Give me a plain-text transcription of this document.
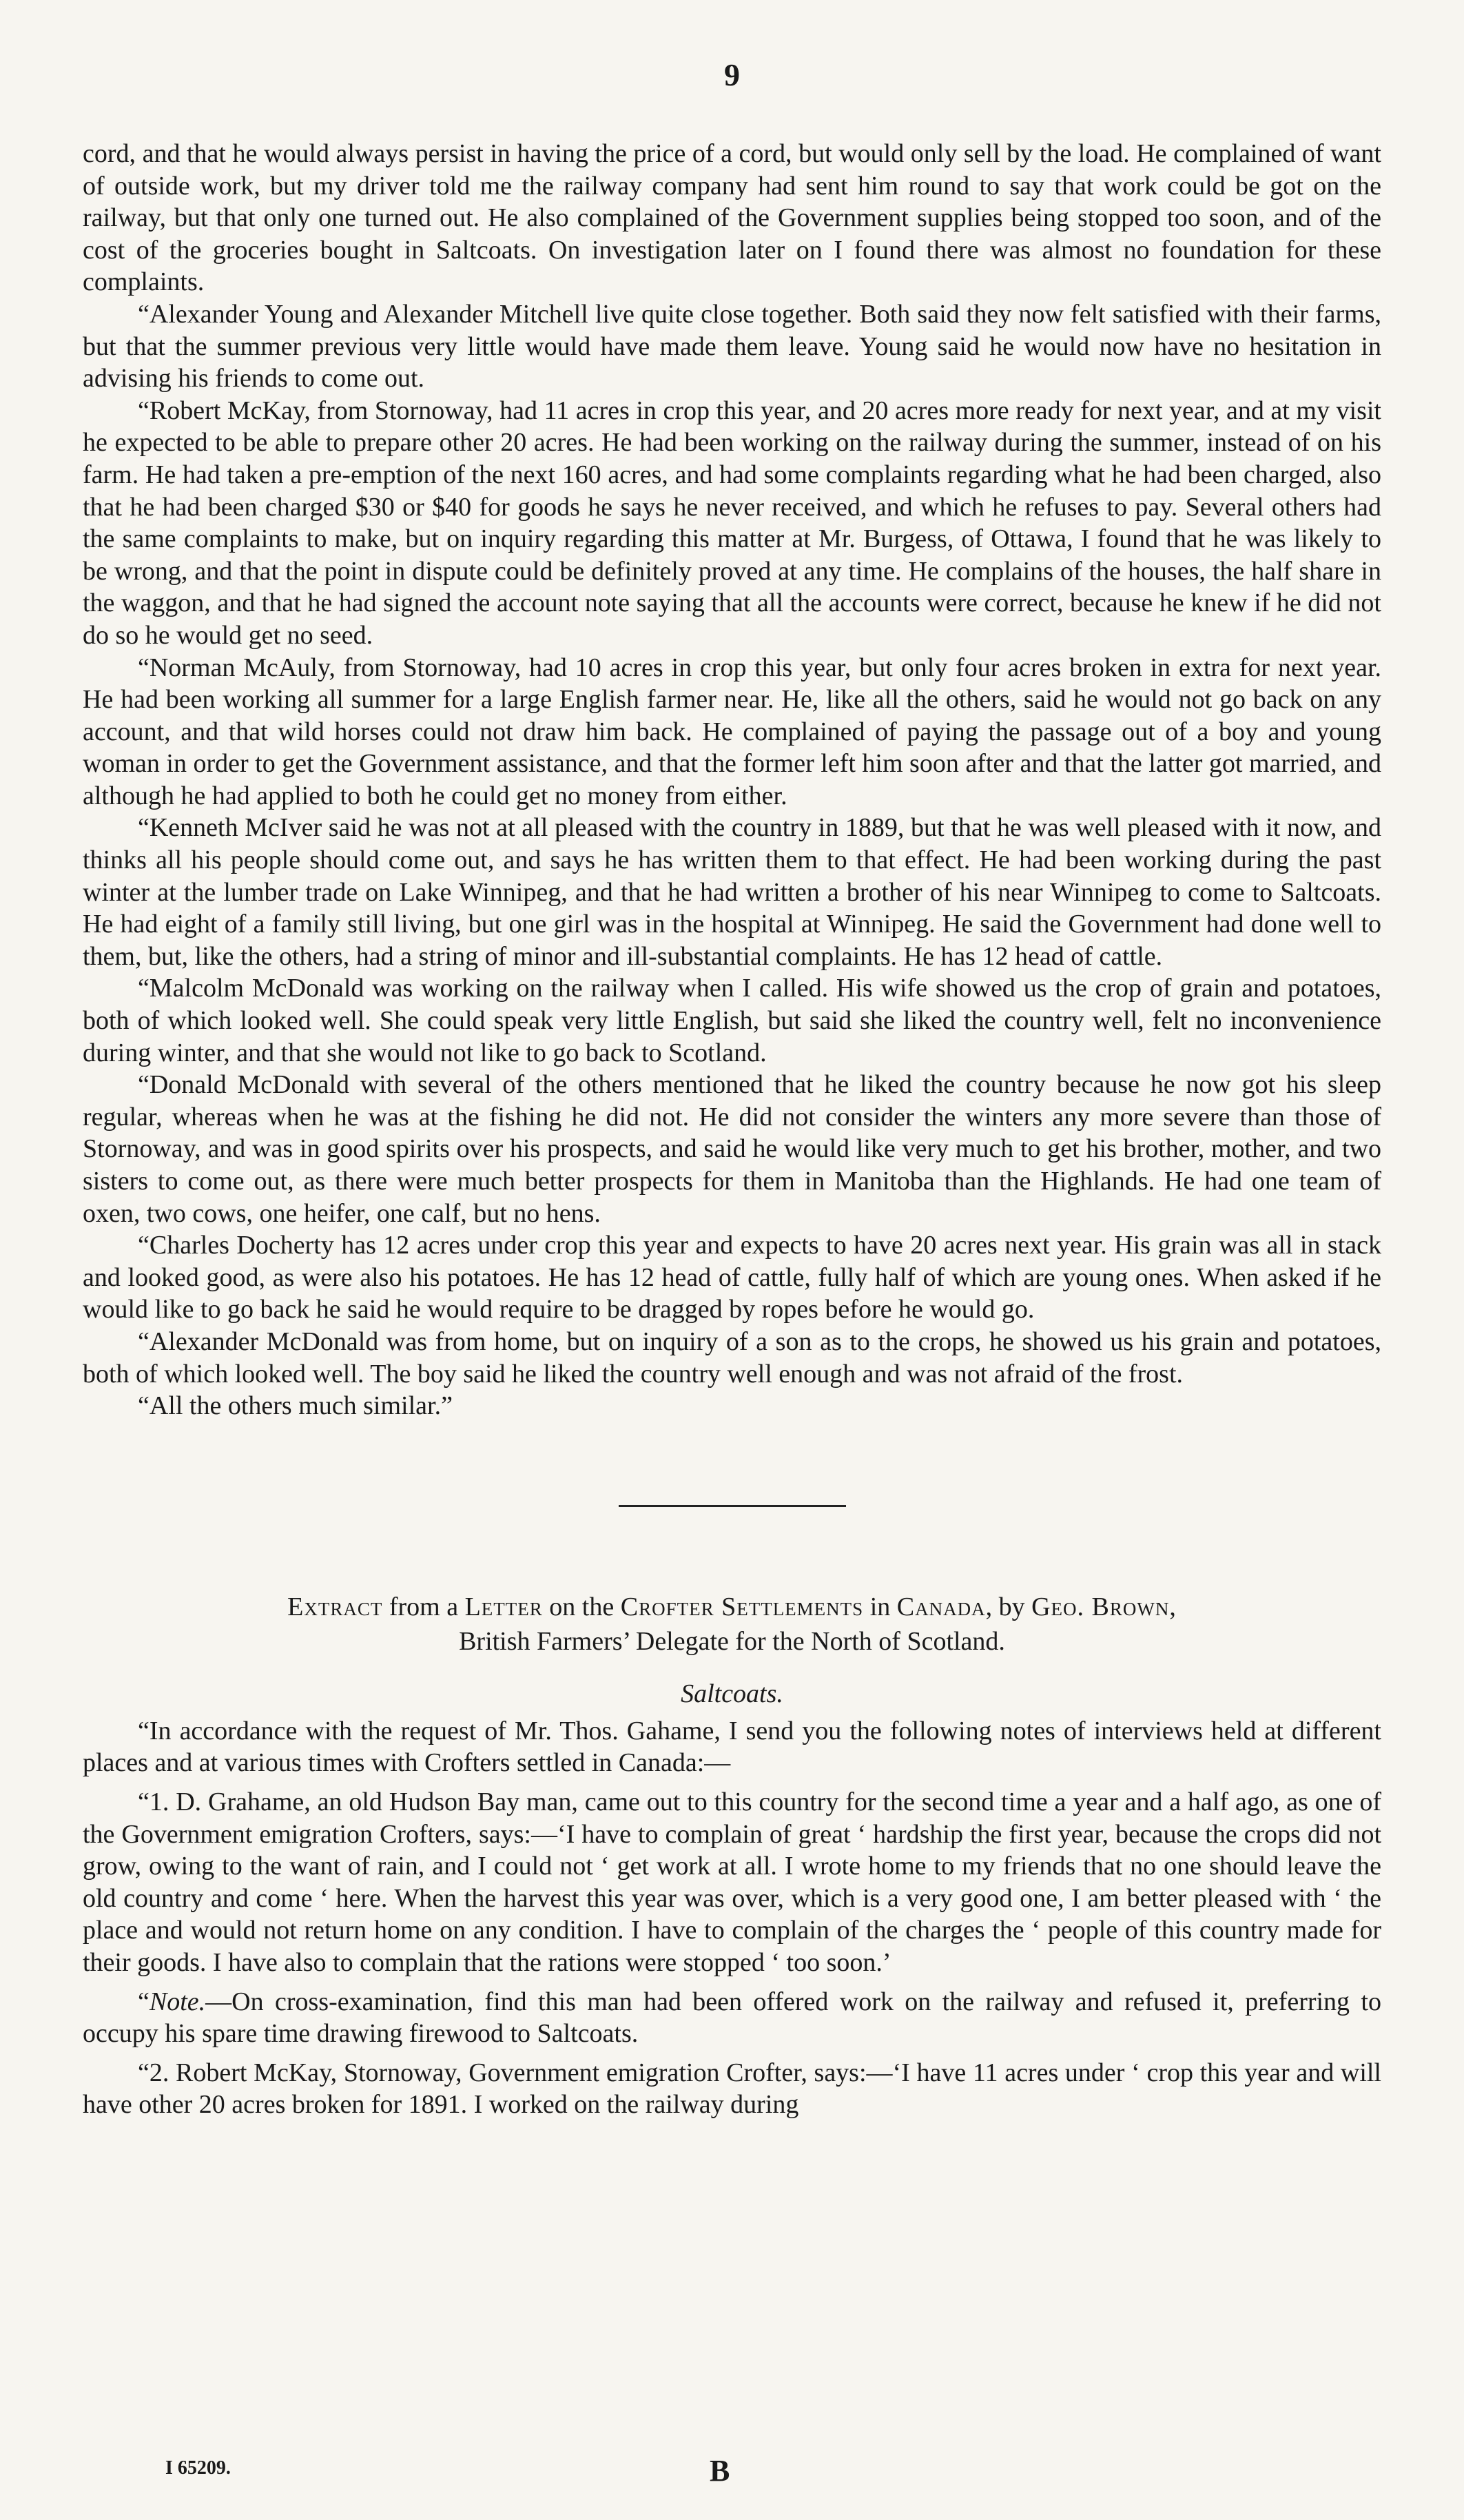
9

cord, and that he would always persist in having the price of a cord, but would only sell by the load. He complained of want of outside work, but my driver told me the railway company had sent him round to say that work could be got on the railway, but that only one turned out. He also complained of the Government supplies being stopped too soon, and of the cost of the groceries bought in Saltcoats. On investigation later on I found there was almost no foundation for these complaints.

“Alexander Young and Alexander Mitchell live quite close together. Both said they now felt satisfied with their farms, but that the summer previous very little would have made them leave. Young said he would now have no hesitation in advising his friends to come out.

“Robert McKay, from Stornoway, had 11 acres in crop this year, and 20 acres more ready for next year, and at my visit he expected to be able to prepare other 20 acres. He had been working on the railway during the summer, instead of on his farm. He had taken a pre-emption of the next 160 acres, and had some complaints regarding what he had been charged, also that he had been charged $30 or $40 for goods he says he never received, and which he refuses to pay. Several others had the same complaints to make, but on inquiry regarding this matter at Mr. Burgess, of Ottawa, I found that he was likely to be wrong, and that the point in dispute could be definitely proved at any time. He complains of the houses, the half share in the waggon, and that he had signed the account note saying that all the accounts were correct, because he knew if he did not do so he would get no seed.

“Norman McAuly, from Stornoway, had 10 acres in crop this year, but only four acres broken in extra for next year. He had been working all summer for a large English farmer near. He, like all the others, said he would not go back on any account, and that wild horses could not draw him back. He complained of paying the passage out of a boy and young woman in order to get the Government assistance, and that the former left him soon after and that the latter got married, and although he had applied to both he could get no money from either.

“Kenneth McIver said he was not at all pleased with the country in 1889, but that he was well pleased with it now, and thinks all his people should come out, and says he has written them to that effect. He had been working during the past winter at the lumber trade on Lake Winnipeg, and that he had written a brother of his near Winnipeg to come to Saltcoats. He had eight of a family still living, but one girl was in the hospital at Winnipeg. He said the Government had done well to them, but, like the others, had a string of minor and ill-substantial complaints. He has 12 head of cattle.

“Malcolm McDonald was working on the railway when I called. His wife showed us the crop of grain and potatoes, both of which looked well. She could speak very little English, but said she liked the country well, felt no inconvenience during winter, and that she would not like to go back to Scotland.

“Donald McDonald with several of the others mentioned that he liked the country because he now got his sleep regular, whereas when he was at the fishing he did not. He did not consider the winters any more severe than those of Stornoway, and was in good spirits over his prospects, and said he would like very much to get his brother, mother, and two sisters to come out, as there were much better prospects for them in Manitoba than the Highlands. He had one team of oxen, two cows, one heifer, one calf, but no hens.

“Charles Docherty has 12 acres under crop this year and expects to have 20 acres next year. His grain was all in stack and looked good, as were also his potatoes. He has 12 head of cattle, fully half of which are young ones. When asked if he would like to go back he said he would require to be dragged by ropes before he would go.

“Alexander McDonald was from home, but on inquiry of a son as to the crops, he showed us his grain and potatoes, both of which looked well. The boy said he liked the country well enough and was not afraid of the frost.

“All the others much similar.”

Extract from a Letter on the Crofter Settlements in Canada, by Geo. Brown,
British Farmers’ Delegate for the North of Scotland.
Saltcoats.

“In accordance with the request of Mr. Thos. Gahame, I send you the following notes of interviews held at different places and at various times with Crofters settled in Canada:—

“1. D. Grahame, an old Hudson Bay man, came out to this country for the second time a year and a half ago, as one of the Government emigration Crofters, says:—‘I have to complain of great ‘ hardship the first year, because the crops did not grow, owing to the want of rain, and I could not ‘ get work at all. I wrote home to my friends that no one should leave the old country and come ‘ here. When the harvest this year was over, which is a very good one, I am better pleased with ‘ the place and would not return home on any condition. I have to complain of the charges the ‘ people of this country made for their goods. I have also to complain that the rations were stopped ‘ too soon.’

“Note.—On cross-examination, find this man had been offered work on the railway and refused it, preferring to occupy his spare time drawing firewood to Saltcoats.

“2. Robert McKay, Stornoway, Government emigration Crofter, says:—‘I have 11 acres under ‘ crop this year and will have other 20 acres broken for 1891. I worked on the railway during

I 65209.	B
